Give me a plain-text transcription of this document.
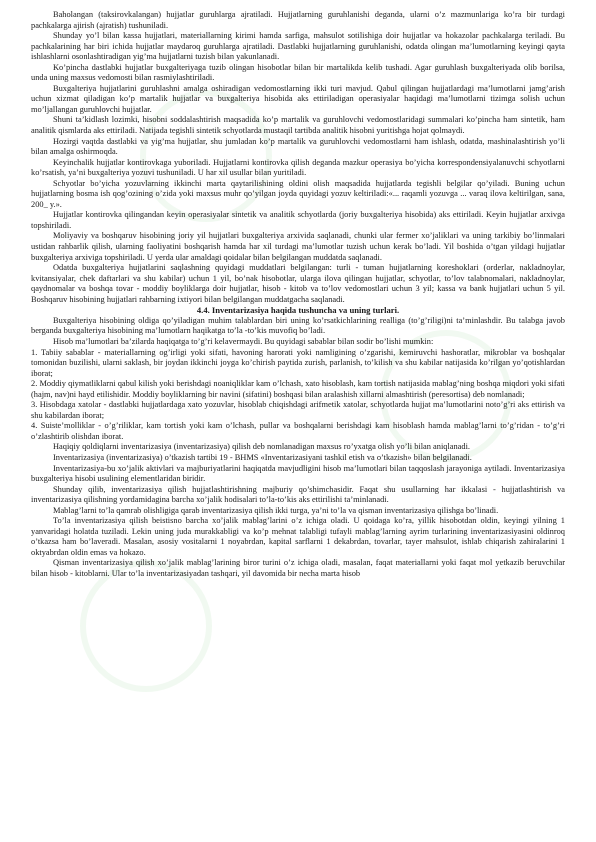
Baholangan (taksirovkalangan) hujjatlar guruhlarga ajratiladi. Hujjatlarning guruhlanishi deganda, ularni o’z mazmunlariga ko’ra bir turdagi pachkalarga ajirish (ajratish) tushuniladi.

Shunday yo’l bilan kassa hujjatlari, materiallarning kirimi hamda sarfiga, mahsulot sotilishiga doir hujjatlar va hokazolar pachkalarga teriladi. Bu pachkalarining har biri ichida hujjatlar maydaroq guruhlarga ajratiladi. Dastlabki hujjatlarning guruhlanishi, odatda olingan ma’lumotlarning keyingi qayta ishlashlarni osonlashtiradigan yig’ma hujjatlarni tuzish bilan yakunlanadi.

Ko’pincha dastlabki hujjatlar buxgalteriyaga tuzib olingan hisobotlar bilan bir martalikda kelib tushadi. Agar guruhlash buxgalteriyada olib borilsa, unda uning maxsus vedomosti bilan rasmiylashtiriladi.

Buxgalteriya hujjatlarini guruhlashni amalga oshiradigan vedomostlarning ikki turi mavjud. Qabul qilingan hujjatlardagi ma’lumotlarni jamg’arish uchun xizmat qiladigan ko’p martalik hujjatlar va buxgalteriya hisobida aks ettiriladigan operasiyalar haqidagi ma’lumotlarni tizimga solish uchun mo’ljallangan guruhlovchi hujjatlar.

Shuni ta’kidlash lozimki, hisobni soddalashtirish maqsadida ko’p martalik va guruhlovchi vedomostlaridagi summalari ko’pincha ham sintetik, ham analitik qismlarda aks ettiriladi. Natijada tegishli sintetik schyotlarda mustaqil tartibda analitik hisobni yuritishga hojat qolmaydi.

Hozirgi vaqtda dastlabki va yig’ma hujjatlar, shu jumladan ko’p martalik va guruhlovchi vedomostlarni ham ishlash, odatda, mashinalashtirish yo’li bilan amalga oshirmoqda.

Keyinchalik hujjatlar kontirovkaga yuboriladi. Hujjatlarni kontirovka qilish deganda mazkur operasiya bo’yicha korrespondensiyalanuvchi schyotlarni ko’rsatish, ya’ni buxgalteriya yozuvi tushuniladi. U har xil usullar bilan yuritiladi.

Schyotlar bo’yicha yozuvlarning ikkinchi marta qaytarilishining oldini olish maqsadida hujjatlarda tegishli belgilar qo’yiladi. Buning uchun hujjatlarning bosma ish qog’ozining o’zida yoki maxsus muhr qo’yilgan joyda quyidagi yozuv keltiriladi:«... raqamli yozuvga ... varaq ilova keltirilgan, sana, 200_ y.».

Hujjatlar kontirovka qilingandan keyin operasiyalar sintetik va analitik schyotlarda (joriy buxgalteriya hisobida) aks ettiriladi. Keyin hujjatlar arxivga topshiriladi.

Moliyaviy va boshqaruv hisobining joriy yil hujjatlari buxgalteriya arxivida saqlanadi, chunki ular fermer xo’jaliklari va uning tarkibiy bo’linmalari ustidan rahbarlik qilish, ularning faoliyatini boshqarish hamda har xil turdagi ma’lumotlar tuzish uchun kerak bo’ladi. Yil boshida o’tgan yildagi hujjatlar buxgalteriya arxiviga topshiriladi. U yerda ular amaldagi qoidalar bilan belgilangan muddatda saqlanadi.

Odatda buxgalteriya hujjatlarini saqlashning quyidagi muddatlari belgilangan: turli - tuman hujjatlarning koreshoklari (orderlar, nakladnoylar, kvitansiyalar, chek daftarlari va shu kabilar) uchun 1 yil, bo’nak hisobotlar, ularga ilova qilingan hujjatlar, schyotlar, to’lov talabnomalari, nakladnoylar, qaydnomalar va boshqa tovar - moddiy boyliklarga doir hujjatlar, hisob - kitob va to’lov vedomostlari uchun 3 yil; kassa va bank hujjatlari uchun 5 yil. Boshqaruv hisobining hujjatlari rahbarning ixtiyori bilan belgilangan muddatgacha saqlanadi.

4.4. Inventarizasiya haqida tushuncha va uning turlari.

Buxgalteriya hisobining oldiga qo’yiladigan muhim talablardan biri uning ko’rsatkichlarining realliga (to’g’riligi)ni ta’minlashdir. Bu talabga javob berganda buxgalteriya hisobining ma’lumotlarn haqikatga to’la -to’kis muvofiq bo’ladi.

Hisob ma’lumotlari ba’zilarda haqiqatga to’g’ri kelavermaydi. Bu quyidagi sabablar bilan sodir bo’lishi mumkin:

1. Tabiiy sabablar - materiallarning og’irligi yoki sifati, havoning harorati yoki namligining o’zgarishi, kemiruvchi hashoratlar, mikroblar va boshqalar tomonidan buzilishi, ularni saklash, bir joydan ikkinchi joyga ko’chirish paytida zurish, parlanish, to’kilish va shu kabilar natijasida ko’rilgan yo’qotishlardan iborat;

2. Moddiy qiymatliklarni qabul kilish yoki berishdagi noaniqliklar kam o’lchash, xato hisoblash, kam tortish natijasida mablag’ning boshqa miqdori yoki sifati (hajm, nav)ni hayd etilishidir. Moddiy boyliklarning bir navini (sifatini) boshqasi bilan aralashish xillarni almashtirish (peresortisa) deb nomlanadi;

3. Hisobdaga xatolar - dastlabki hujjatlardaga xato yozuvlar, hisoblab chiqishdagi arifmetik xatolar, schyotlarda hujjat ma’lumotlarini noto’g’ri aks ettirish va shu kabilardan iborat;

4. Suiste’molliklar - o’g’riliklar, kam tortish yoki kam o’lchash, pullar va boshqalarni berishdagi kam hisoblash hamda mablag’larni to’g’ridan - to’g’ri o’zlashtirib olishdan iborat.

Haqiqiy qoldiqlarni inventarizasiya (inventarizasiya) qilish deb nomlanadigan maxsus ro’yxatga olish yo’li bilan aniqlanadi.

Inventarizasiya (inventarizasiya) o’tkazish tartibi 19 - BHMS «Inventarizasiyani tashkil etish va o’tkazish» bilan belgilanadi.

Inventarizasiya-bu xo’jalik aktivlari va majburiyatlarini haqiqatda mavjudligini hisob ma’lumotlari bilan taqqoslash jarayoniga aytiladi. Inventarizasiya buxgalteriya hisobi usulining elementlaridan biridir.

Shunday qilib, inventarizasiya qilish hujjatlashtirishning majburiy qo’shimchasidir. Faqat shu usullarning har ikkalasi - hujjatlashtirish va inventarizasiya qilishning yordamidagina barcha xo’jalik hodisalari to’la-to’kis aks ettirilishi ta’minlanadi.

Mablag’larni to’la qamrab olishligiga qarab inventarizasiya qilish ikki turga, ya’ni to’la va qisman inventarizasiya qilishga bo’linadi.

To’la inventarizasiya qilish beistisno barcha xo’jalik mablag’larini o’z ichiga oladi. U qoidaga ko’ra, yillik hisobotdan oldin, keyingi yilning 1 yanvaridagi holatda tuziladi. Lekin uning juda murakkabligi va ko’p mehnat talabligi tufayli mablag’larning ayrim turlarining inventarizasiyasini oldinroq o’tkazsa ham bo’laveradi. Masalan, asosiy vositalarni 1 noyabrdan, kapital sarflarni 1 dekabrdan, tovarlar, tayer mahsulot, ishlab chiqarish zahiralarini 1 oktyabrdan oldin emas va hokazo.

Qisman inventarizasiya qilish xo’jalik mablag’larining biror turini o’z ichiga oladi, masalan, faqat materiallarni yoki faqat mol yetkazib beruvchilar bilan hisob - kitoblarni. Ular to’la inventarizasiyadan tashqari, yil davomida bir necha marta hisob
